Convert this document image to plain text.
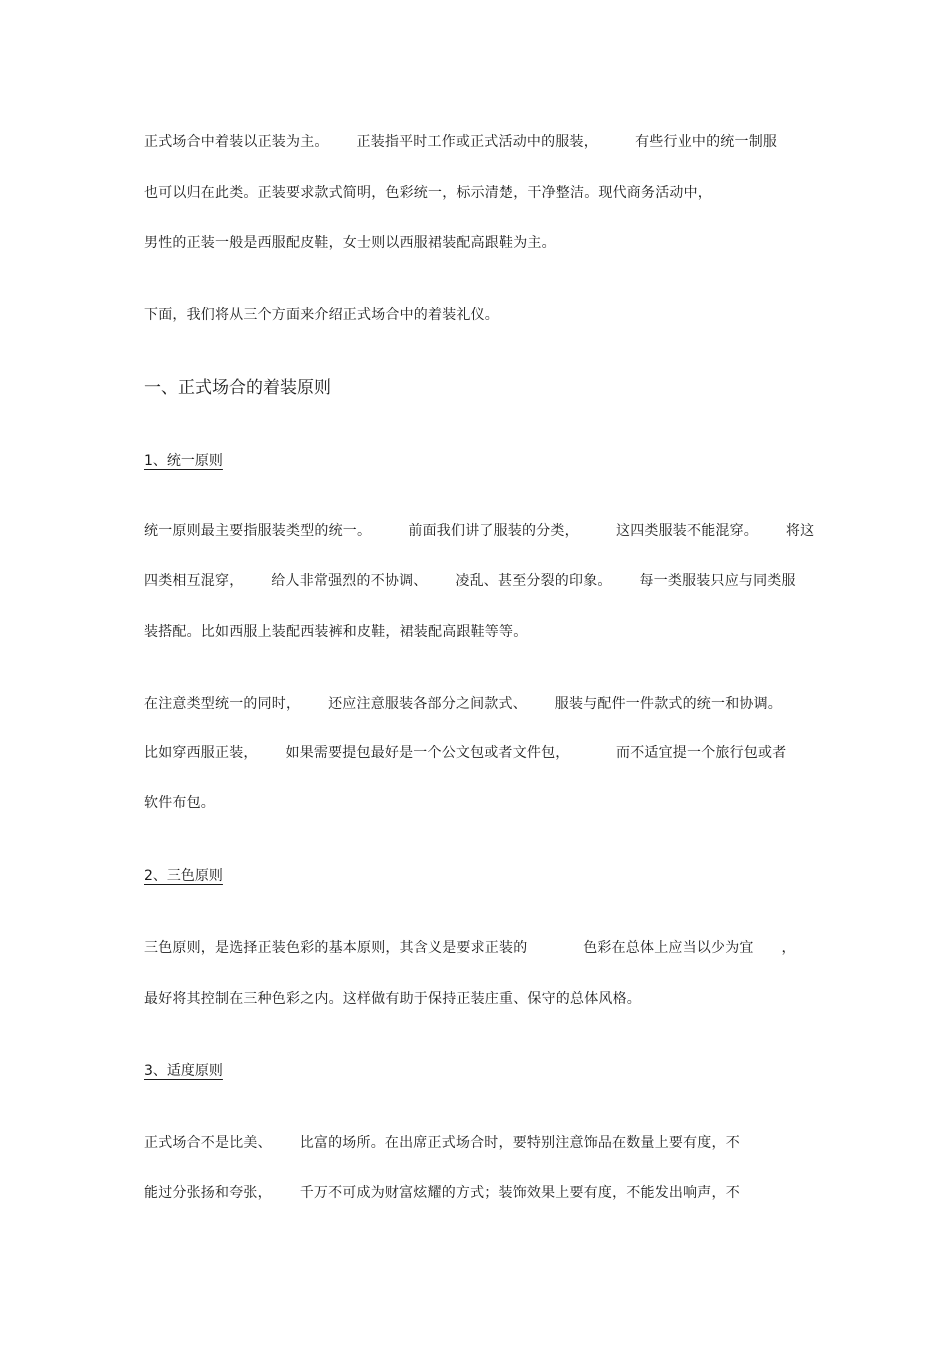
正式场合中着装以正装为主。      正装指平时工作或正式活动中的服装，        有些行业中的统一制服
也可以归在此类。正装要求款式简明，色彩统一，标示清楚，干净整洁。现代商务活动中，
男性的正装一般是西服配皮鞋，女士则以西服裙装配高跟鞋为主。
下面，我们将从三个方面来介绍正式场合中的着装礼仪。
一、正式场合的着装原则
1、统一原则
统一原则最主要指服装类型的统一。        前面我们讲了服装的分类，        这四类服装不能混穿。      将这
四类相互混穿，      给人非常强烈的不协调、      凌乱、甚至分裂的印象。      每一类服装只应与同类服
装搭配。比如西服上装配西装裤和皮鞋，裙装配高跟鞋等等。
在注意类型统一的同时，      还应注意服装各部分之间款式、      服装与配件一件款式的统一和协调。
比如穿西服正装，      如果需要提包最好是一个公文包或者文件包，          而不适宜提一个旅行包或者
软件布包。
2、三色原则
三色原则，是选择正装色彩的基本原则，其含义是要求正装的            色彩在总体上应当以少为宜      ，
最好将其控制在三种色彩之内。这样做有助于保持正装庄重、保守的总体风格。
3、适度原则
正式场合不是比美、      比富的场所。在出席正式场合时，要特别注意饰品在数量上要有度，不
能过分张扬和夸张，      千万不可成为财富炫耀的方式；装饰效果上要有度，不能发出响声，不
